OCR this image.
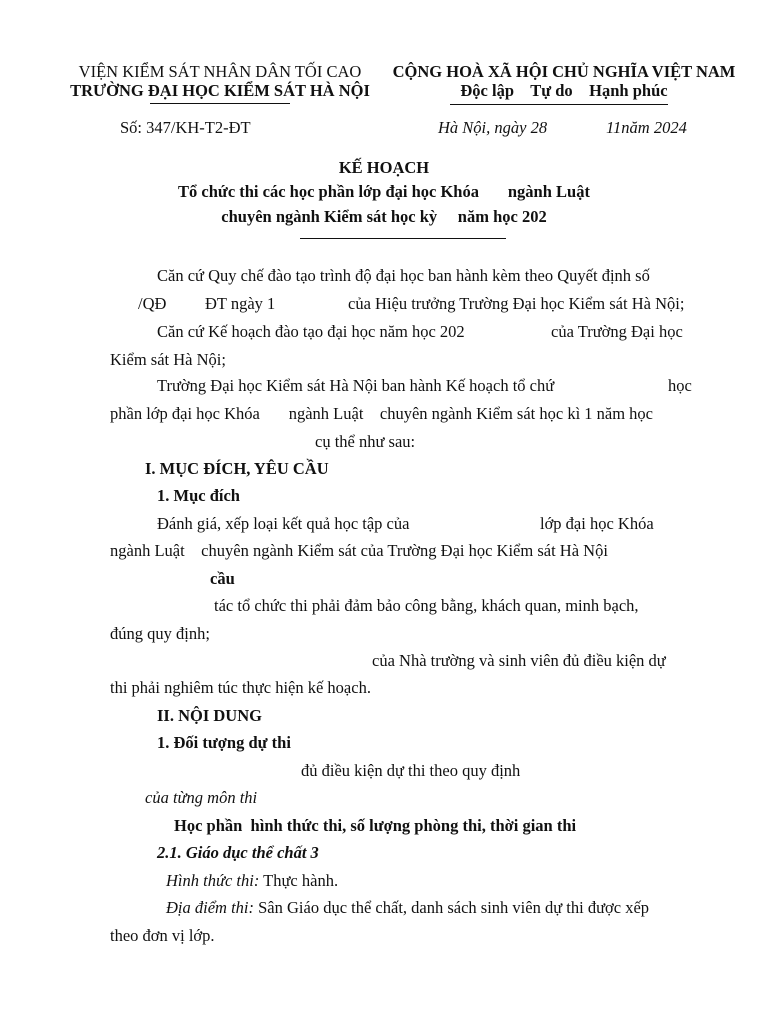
VIỆN KIỂM SÁT NHÂN DÂN TỐI CAO
TRƯỜNG ĐẠI HỌC KIỂM SÁT HÀ NỘI
Số: 347/KH-T2-ĐT
CỘNG HOÀ XÃ HỘI CHỦ NGHĨA VIỆT NAM
Độc lập    Tự do    Hạnh phúc
Hà Nội, ngày 28	11năm 2024
KẾ HOẠCH
Tổ chức thi các học phần lớp đại học Khóa       ngành Luật
chuyên ngành Kiểm sát học kỳ     năm học 202
Căn cứ Quy chế đào tạo trình độ đại học ban hành kèm theo Quyết định số
/QĐ ĐT ngày 1	của Hiệu trưởng Trường Đại học Kiểm sát Hà Nội;
Căn cứ Kế hoạch đào tạo đại học năm học 202	của Trường Đại học
Kiểm sát Hà Nội;
Trường Đại học Kiểm sát Hà Nội ban hành Kế hoạch tổ chứ	học
phần lớp đại học Khóa       ngành Luật    chuyên ngành Kiểm sát học kì 1 năm học
cụ thể như sau:
I. MỤC ĐÍCH, YÊU CẦU
1. Mục đích
Đánh giá, xếp loại kết quả học tập của	lớp đại học Khóa
ngành Luật    chuyên ngành Kiểm sát của Trường Đại học Kiểm sát Hà Nội
cầu
tác tổ chức thi phải đảm bảo công bằng, khách quan, minh bạch,
đúng quy định;
của Nhà trường và sinh viên đủ điều kiện dự
thi phải nghiêm túc thực hiện kế hoạch.
II. NỘI DUNG
1. Đối tượng dự thi
đủ điều kiện dự thi theo quy định
của từng môn thi
Học phần  hình thức thi, số lượng phòng thi, thời gian thi
2.1. Giáo dục thể chất 3
Hình thức thi: Thực hành.
Địa điểm thi: Sân Giáo dục thể chất, danh sách sinh viên dự thi được xếp
theo đơn vị lớp.
